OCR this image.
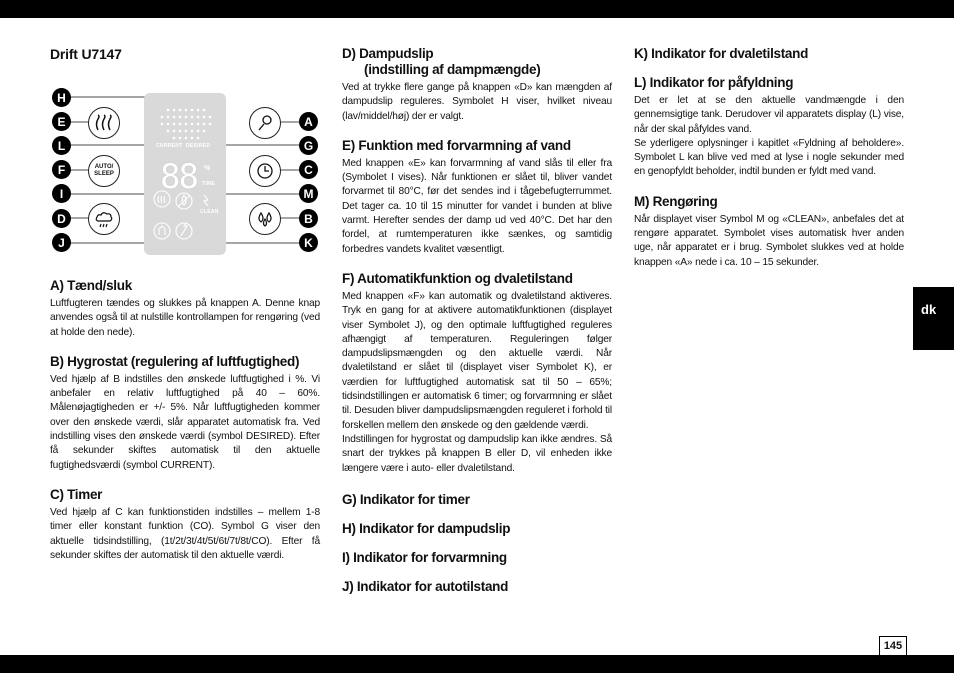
dk
145
Drift U7147
CURRENT DESIRED
88 %
TIME
CLEAN
H
E
L
F
I
D
J
A
G
C
M
B
K
AUTO/
SLEEP
A) Tænd/sluk

Luftfugteren tændes og slukkes på knappen A. Denne knap anvendes også til at nulstille kontrollampen for rengøring (ved at holde den nede).

B) Hygrostat (regulering af luftfugtighed)

Ved hjælp af B indstilles den ønskede luftfugtighed i %. Vi anbefaler en relativ luftfugtighed på 40 – 60%. Målenøjagtigheden er +/- 5%. Når luftfugtigheden kommer over den ønskede værdi, slår apparatet automatisk fra. Ved indstilling vises den ønskede værdi (symbol DESIRED). Efter få sekunder skiftes automatisk til den aktuelle fugtighedsværdi (symbol CURRENT).

C) Timer

Ved hjælp af C kan funktionstiden indstilles – mellem 1-8 timer eller konstant funktion (CO). Symbol G viser den aktuelle tidsindstilling, (1t/2t/3t/4t/5t/6t/7t/8t/CO). Efter få sekunder skiftes der automatisk til den aktuelle værdi.

D) Dampudslip
(indstilling af dampmængde)

Ved at trykke flere gange på knappen «D» kan mængden af dampudslip reguleres. Symbolet H viser, hvilket niveau (lav/middel/høj) der er valgt.

E) Funktion med forvarmning af vand

Med knappen «E» kan forvarmning af vand slås til eller fra (Symbolet I vises). Når funktionen er slået til, bliver vandet forvarmet til 80°C, før det sendes ind i tågebefugterrummet. Det tager ca. 10 til 15 minutter for vandet i bunden at blive varmt. Herefter sendes der damp ud ved 40°C. Det har den fordel, at rumtemperaturen ikke sænkes, og samtidig forbedres vandets kvalitet væsentligt.

F) Automatikfunktion og dvaletilstand

Med knappen «F» kan automatik og dvaletilstand aktiveres. Tryk en gang for at aktivere automatikfunktionen (displayet viser Symbolet J), og den optimale luftfugtighed reguleres afhængigt af temperaturen. Reguleringen følger dampudslipsmængden og den aktuelle værdi. Når dvaletilstand er slået til (displayet viser Symbolet K), er værdien for luftfugtighed automatisk sat til 50 – 65%; tidsindstillingen er automatisk 6 timer; og forvarmning er slået til. Desuden bliver dampudslipsmængden reguleret i forhold til forskellen mellem den ønskede og den gældende værdi.

Indstillingen for hygrostat og dampudslip kan ikke ændres. Så snart der trykkes på knappen B eller D, vil enheden ikke længere være i auto- eller dvaletilstand.

G) Indikator for timer
H) Indikator for dampudslip
I) Indikator for forvarmning
J) Indikator for autotilstand
K) Indikator for dvaletilstand
L) Indikator for påfyldning

Det er let at se den aktuelle vandmængde i den gennemsigtige tank. Derudover vil apparatets display (L) vise, når der skal påfyldes vand.

Se yderligere oplysninger i kapitlet «Fyldning af beholdere». Symbolet L kan blive ved med at lyse i nogle sekunder med en genopfyldt beholder, indtil bunden er fyldt med vand.

M) Rengøring

Når displayet viser Symbol M og «CLEAN», anbefales det at rengøre apparatet. Symbolet vises automatisk hver anden uge, når apparatet er i brug. Symbolet slukkes ved at holde knappen «A» nede i ca. 10 – 15 sekunder.
